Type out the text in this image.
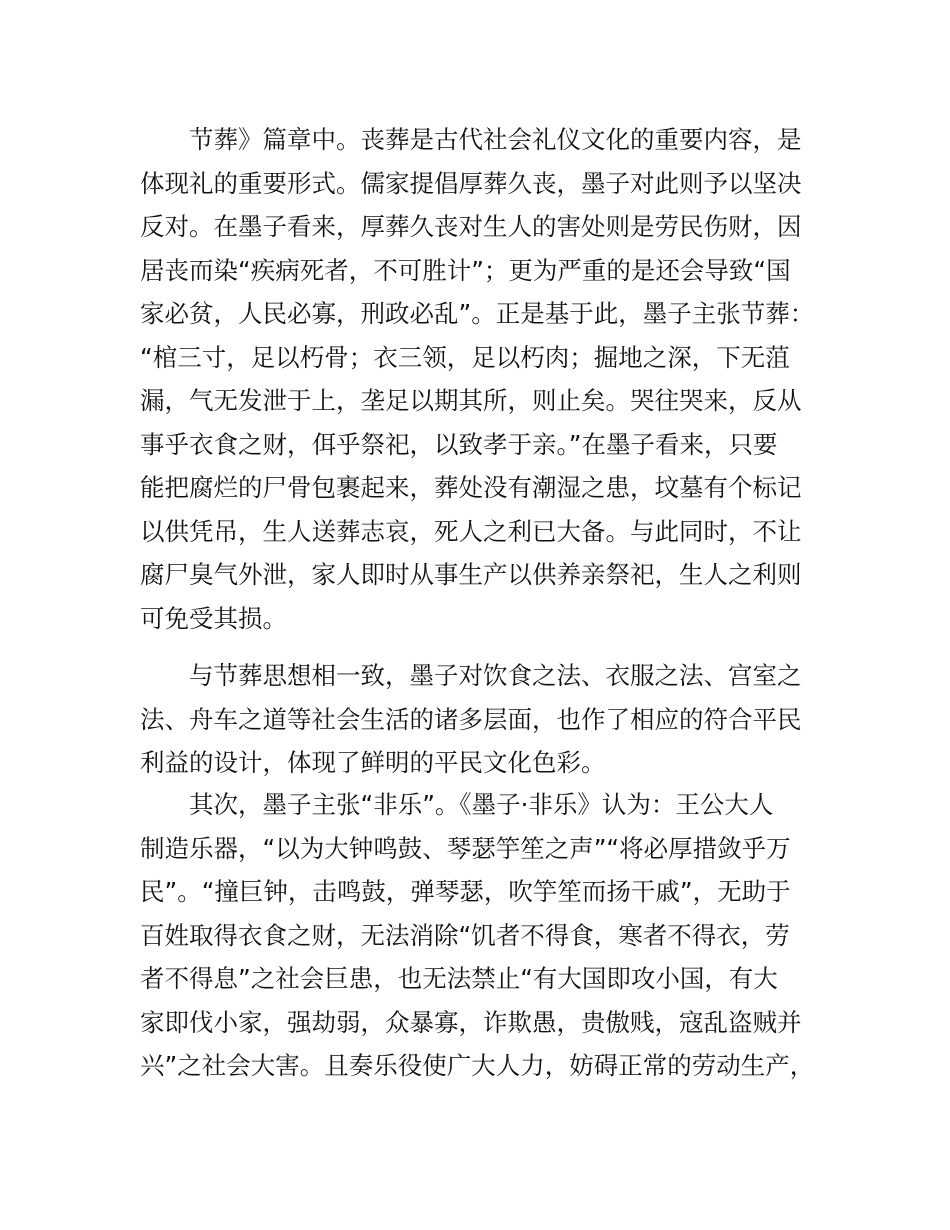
　　节葬》篇章中。丧葬是古代社会礼仪文化的重要内容，是
体现礼的重要形式。儒家提倡厚葬久丧，墨子对此则予以坚决
反对。在墨子看来，厚葬久丧对生人的害处则是劳民伤财，因
居丧而染“疾病死者，不可胜计”；更为严重的是还会导致“国
家必贫，人民必寡，刑政必乱”。正是基于此，墨子主张节葬：
“棺三寸，足以朽骨；衣三领，足以朽肉；掘地之深，下无菹
漏，气无发泄于上，垄足以期其所，则止矣。哭往哭来，反从
事乎衣食之财，佴乎祭祀，以致孝于亲。”在墨子看来，只要
能把腐烂的尸骨包裹起来，葬处没有潮湿之患，坟墓有个标记
以供凭吊，生人送葬志哀，死人之利已大备。与此同时，不让
腐尸臭气外泄，家人即时从事生产以供养亲祭祀，生人之利则
可免受其损。
　　与节葬思想相一致，墨子对饮食之法、衣服之法、宫室之
法、舟车之道等社会生活的诸多层面，也作了相应的符合平民
利益的设计，体现了鲜明的平民文化色彩。
　　其次，墨子主张“非乐”。《墨子·非乐》认为：王公大人
制造乐器，“以为大钟鸣鼓、琴瑟竽笙之声”“将必厚措敛乎万
民”。“撞巨钟，击鸣鼓，弹琴瑟，吹竽笙而扬干戚”，无助于
百姓取得衣食之财，无法消除“饥者不得食，寒者不得衣，劳
者不得息”之社会巨患，也无法禁止“有大国即攻小国，有大
家即伐小家，强劫弱，众暴寡，诈欺愚，贵傲贱，寇乱盗贼并
兴”之社会大害。且奏乐役使广大人力，妨碍正常的劳动生产，
